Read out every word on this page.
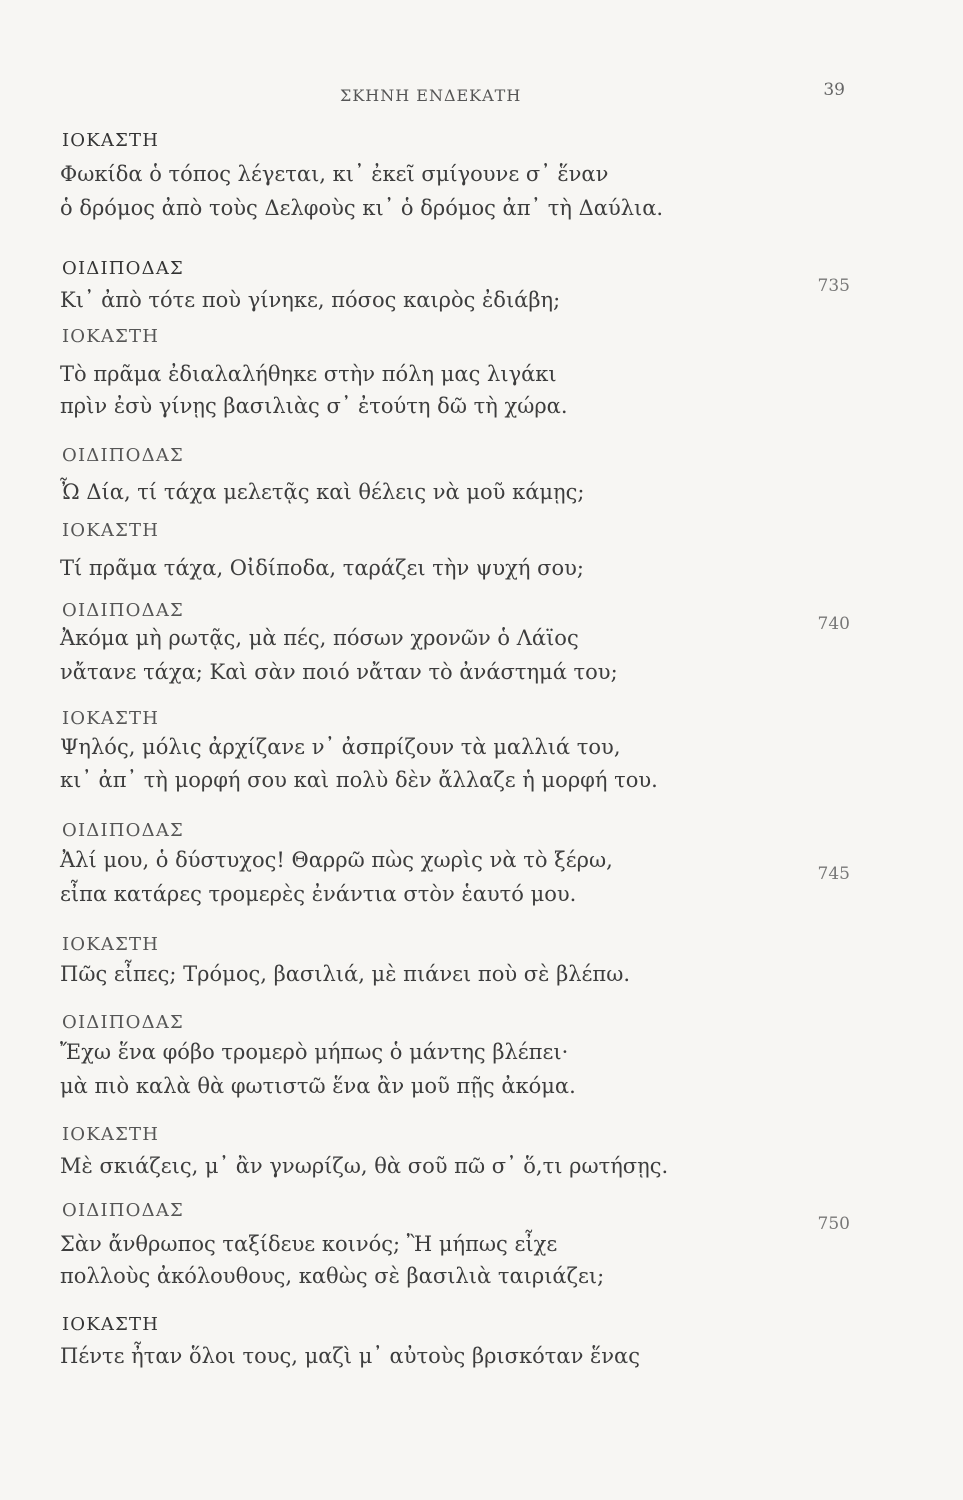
ΣΚΗΝΗ ΕΝΔΕΚΑΤΗ	39
ΙΟΚΑΣΤΗ
Φωκίδα ὁ τόπος λέγεται, κι᾽ ἐκεῖ σμίγουνε σ᾽ ἕναν
ὁ δρόμος ἀπὸ τοὺς Δελφοὺς κι᾽ ὁ δρόμος ἀπ᾽ τὴ Δαύλια.
ΟΙΔΙΠΟΔΑΣ
Κι᾽ ἀπὸ τότε ποὺ γίνηκε, πόσος καιρὸς ἐδιάβη;
735
ΙΟΚΑΣΤΗ
Τὸ πρᾶμα ἐδιαλαλήθηκε στὴν πόλη μας λιγάκι
πρὶν ἐσὺ γίνῃς βασιλιὰς σ᾽ ἐτούτη δῶ τὴ χώρα.
ΟΙΔΙΠΟΔΑΣ
Ὦ Δία, τί τάχα μελετᾷς καὶ θέλεις νὰ μοῦ κάμῃς;
ΙΟΚΑΣΤΗ
Τί πρᾶμα τάχα, Οἰδίποδα, ταράζει τὴν ψυχή σου;
ΟΙΔΙΠΟΔΑΣ
Ἀκόμα μὴ ρωτᾷς, μὰ πές, πόσων χρονῶν ὁ Λάϊος
νἄτανε τάχα; Καὶ σὰν ποιό νἄταν τὸ ἀνάστημά του;
740
ΙΟΚΑΣΤΗ
Ψηλός, μόλις ἀρχίζανε ν᾽ ἀσπρίζουν τὰ μαλλιά του,
κι᾽ ἀπ᾽ τὴ μορφή σου καὶ πολὺ δὲν ἄλλαζε ἡ μορφή του.
ΟΙΔΙΠΟΔΑΣ
Ἀλί μου, ὁ δύστυχος! Θαρρῶ πὼς χωρὶς νὰ τὸ ξέρω,
εἶπα κατάρες τρομερὲς ἐνάντια στὸν ἑαυτό μου.
745
ΙΟΚΑΣΤΗ
Πῶς εἶπες; Τρόμος, βασιλιά, μὲ πιάνει ποὺ σὲ βλέπω.
ΟΙΔΙΠΟΔΑΣ
Ἔχω ἕνα φόβο τρομερὸ μήπως ὁ μάντης βλέπει·
μὰ πιὸ καλὰ θὰ φωτιστῶ ἕνα ἂν μοῦ πῇς ἀκόμα.
ΙΟΚΑΣΤΗ
Μὲ σκιάζεις, μ᾽ ἂν γνωρίζω, θὰ σοῦ πῶ σ᾽ ὅ,τι ρωτήσῃς.
ΟΙΔΙΠΟΔΑΣ
Σὰν ἄνθρωπος ταξίδευε κοινός; Ἢ μήπως εἶχε
πολλοὺς ἀκόλουθους, καθὼς σὲ βασιλιὰ ταιριάζει;
750
ΙΟΚΑΣΤΗ
Πέντε ἦταν ὅλοι τους, μαζὶ μ᾽ αὐτοὺς βρισκόταν ἕνας
